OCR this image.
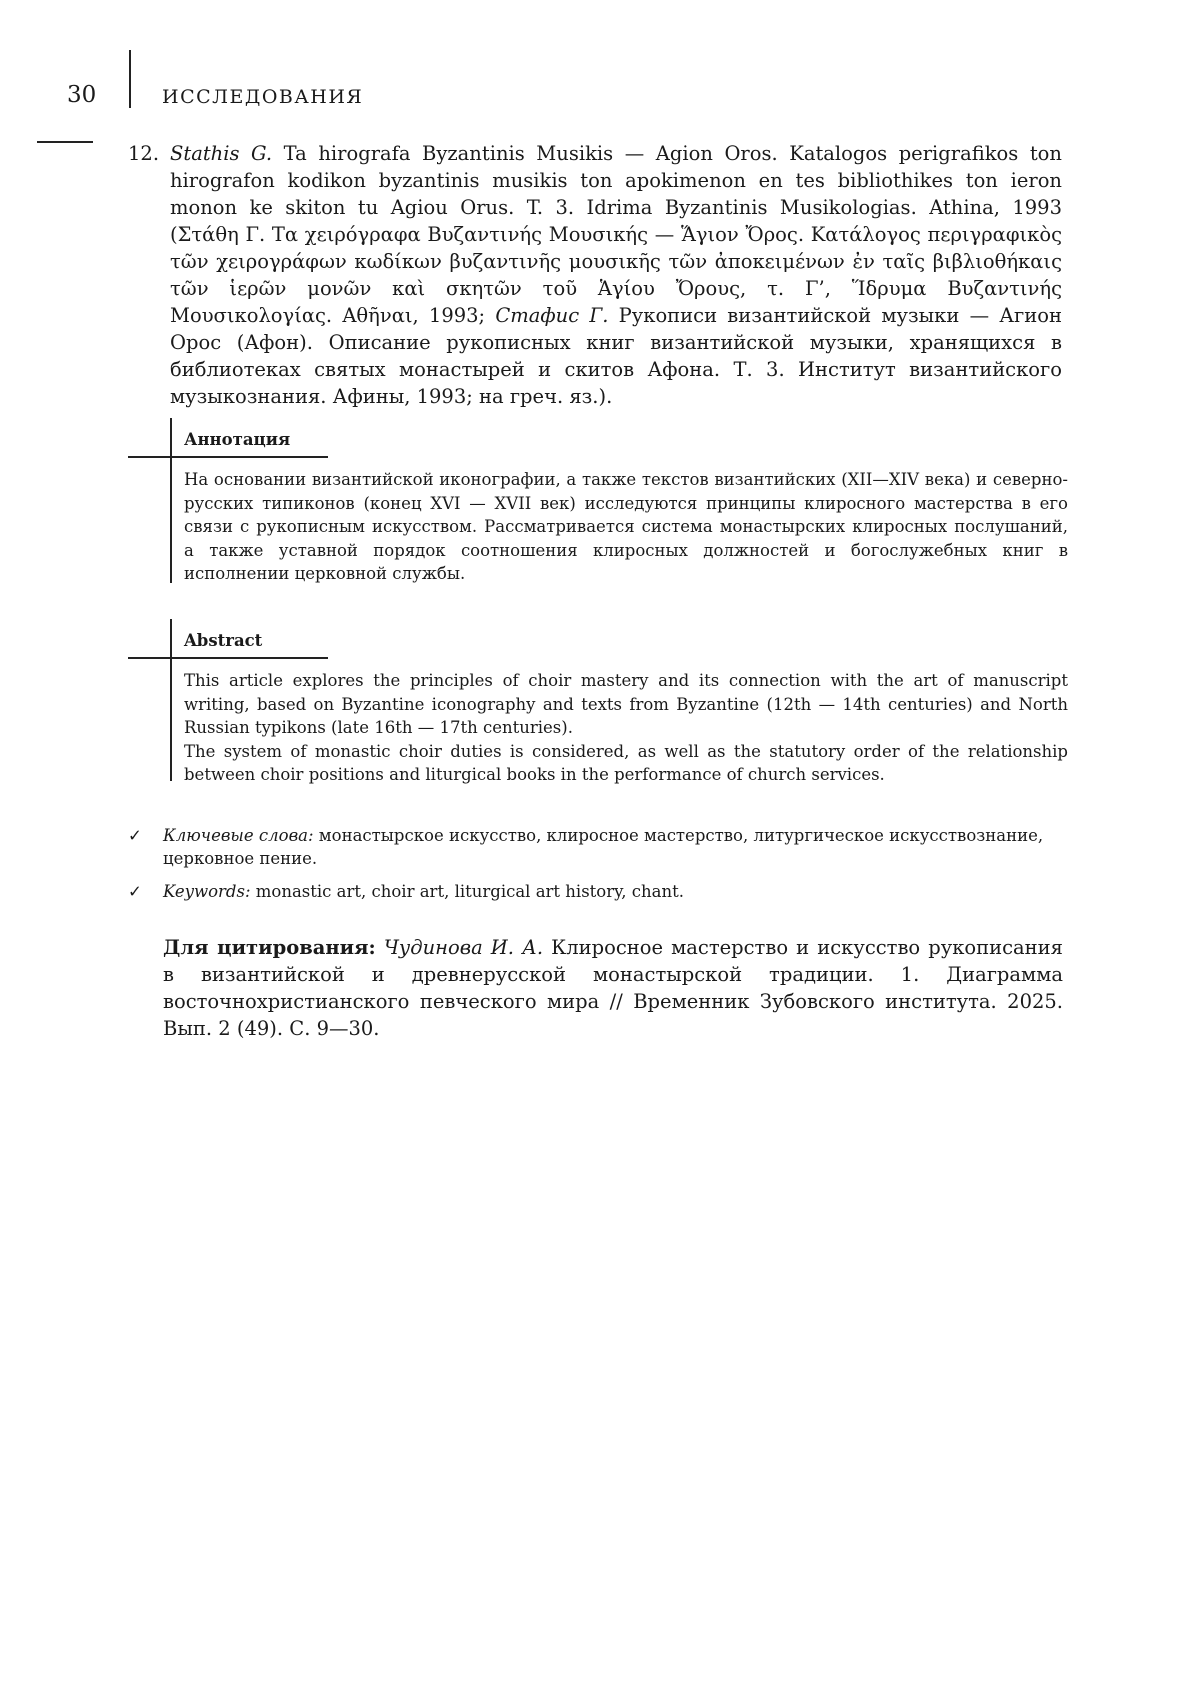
30	ИССЛЕДОВАНИЯ
12. Stathis G. Ta hirografa Byzantinis Musikis — Agion Oros. Katalogos perigrafikos ton hirografon kodikon byzantinis musikis ton apokimenon en tes bibliothikes ton ieron monon ke skiton tu Agiou Orus. T. 3. Idrima Byzantinis Musikologias. Athina, 1993 (Στάθη Γ. Τα χειρόγραφα Βυζαντινής Μουσικής — Ἅγιον Ὄρος. Κατάλογος περιγραφικὸς τῶν χειρογράφων κωδίκων βυζαντινῆς μουσικῆς τῶν ἀποκειμένων ἐν ταῖς βιβλιοθήκαις τῶν ἱερῶν μονῶν καὶ σκητῶν τοῦ Ἁγίου Ὄρους, τ. Γ’, Ἵδρυμα Βυζαντινής Μουσικολογίας. Αθῆναι, 1993; Стафис Г. Рукописи византийской музыки — Агион Орос (Афон). Описание рукописных книг византийской музыки, хранящихся в библиотеках святых монастырей и скитов Афона. Т. 3. Институт византийского музыкознания. Афины, 1993; на греч. яз.).
Аннотация

На основании византийской иконографии, а также текстов византийских (XII—XIV века) и севернорусских типиконов (конец XVI — XVII век) исследуются принципы клиросного мастерства в его связи с рукописным искусством. Рассматривается система монастырских клиросных послушаний, а также уставной порядок соотношения клиросных должностей и богослужебных книг в исполнении церковной службы.

Abstract

This article explores the principles of choir mastery and its connection with the art of manuscript writing, based on Byzantine iconography and texts from Byzantine (12th — 14th centuries) and North Russian typikons (late 16th — 17th centuries).

The system of monastic choir duties is considered, as well as the statutory order of the relationship between choir positions and liturgical books in the performance of church services.

✓ Ключевые слова: монастырское искусство, клиросное мастерство, литургическое искусствознание, церковное пение.
✓ Keywords: monastic art, choir art, liturgical art history, chant.
Для цитирования: Чудинова И. А. Клиросное мастерство и искусство рукописания в византийской и древнерусской монастырской традиции. 1. Диаграмма восточнохристианского певческого мира // Временник Зубовского института. 2025. Вып. 2 (49). С. 9—30.
